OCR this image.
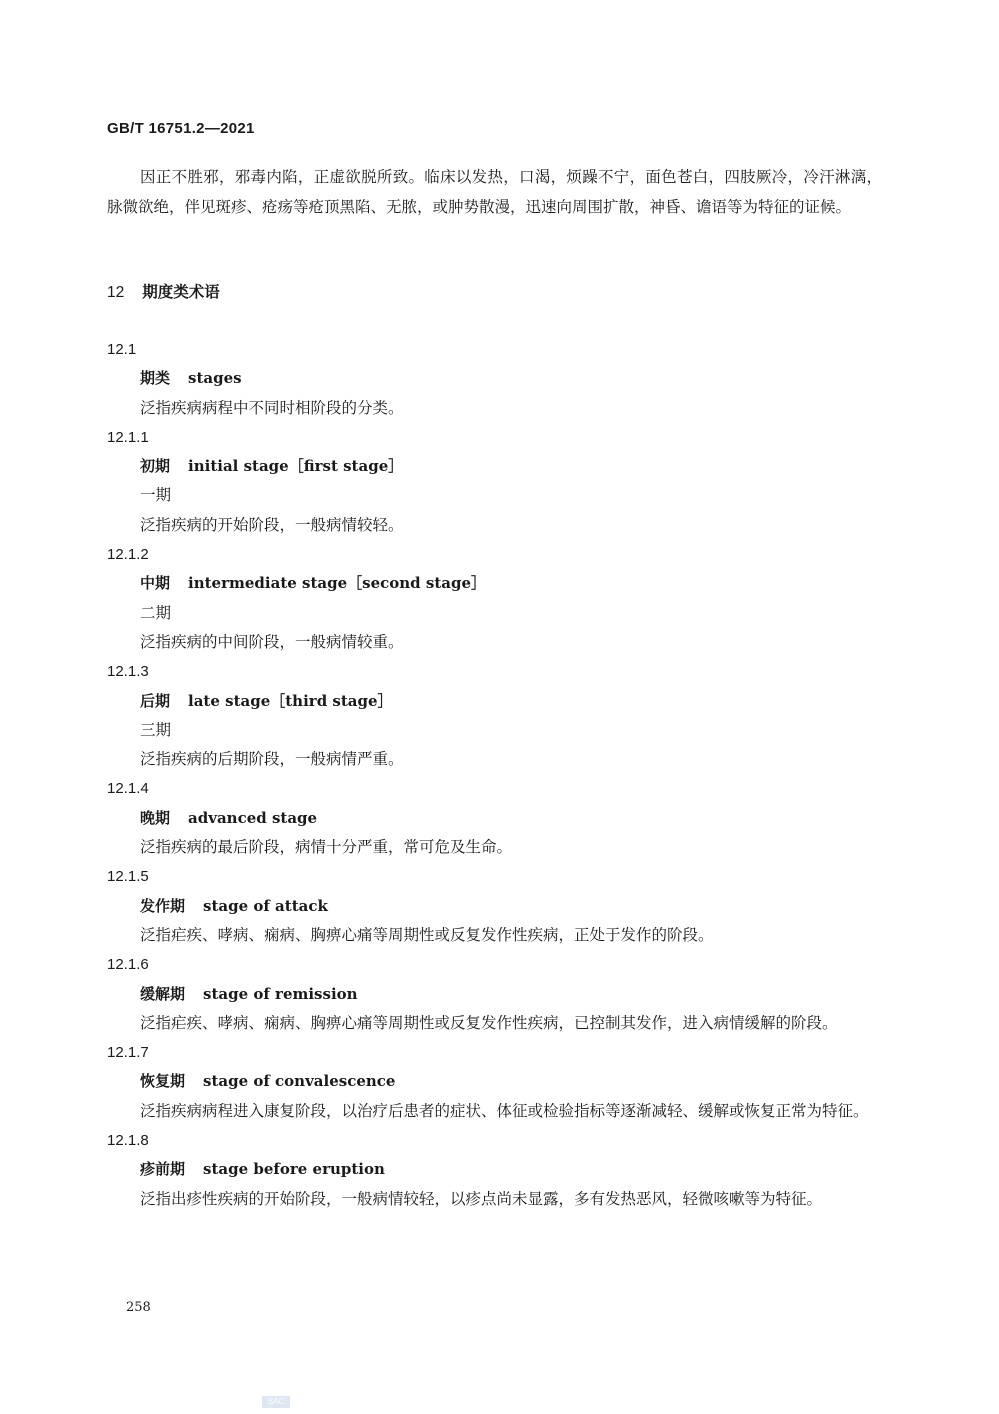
GB/T 16751.2—2021
因正不胜邪，邪毒内陷，正虚欲脱所致。临床以发热，口渴，烦躁不宁，面色苍白，四肢厥冷，冷汗淋漓，脉微欲绝，伴见斑疹、疮疡等疮顶黑陷、无脓，或肿势散漫，迅速向周围扩散，神昏、谵语等为特征的证候。
12 期度类术语
12.1
期类 stages
泛指疾病病程中不同时相阶段的分类。
12.1.1
初期 initial stage［first stage］
一期
泛指疾病的开始阶段，一般病情较轻。
12.1.2
中期 intermediate stage［second stage］
二期
泛指疾病的中间阶段，一般病情较重。
12.1.3
后期 late stage［third stage］
三期
泛指疾病的后期阶段，一般病情严重。
12.1.4
晚期 advanced stage
泛指疾病的最后阶段，病情十分严重，常可危及生命。
12.1.5
发作期 stage of attack
泛指疟疾、哮病、痫病、胸痹心痛等周期性或反复发作性疾病，正处于发作的阶段。
12.1.6
缓解期 stage of remission
泛指疟疾、哮病、痫病、胸痹心痛等周期性或反复发作性疾病，已控制其发作，进入病情缓解的阶段。
12.1.7
恢复期 stage of convalescence
泛指疾病病程进入康复阶段，以治疗后患者的症状、体征或检验指标等逐渐减轻、缓解或恢复正常为特征。
12.1.8
疹前期 stage before eruption
泛指出疹性疾病的开始阶段，一般病情较轻，以疹点尚未显露，多有发热恶风，轻微咳嗽等为特征。
258
SAC
